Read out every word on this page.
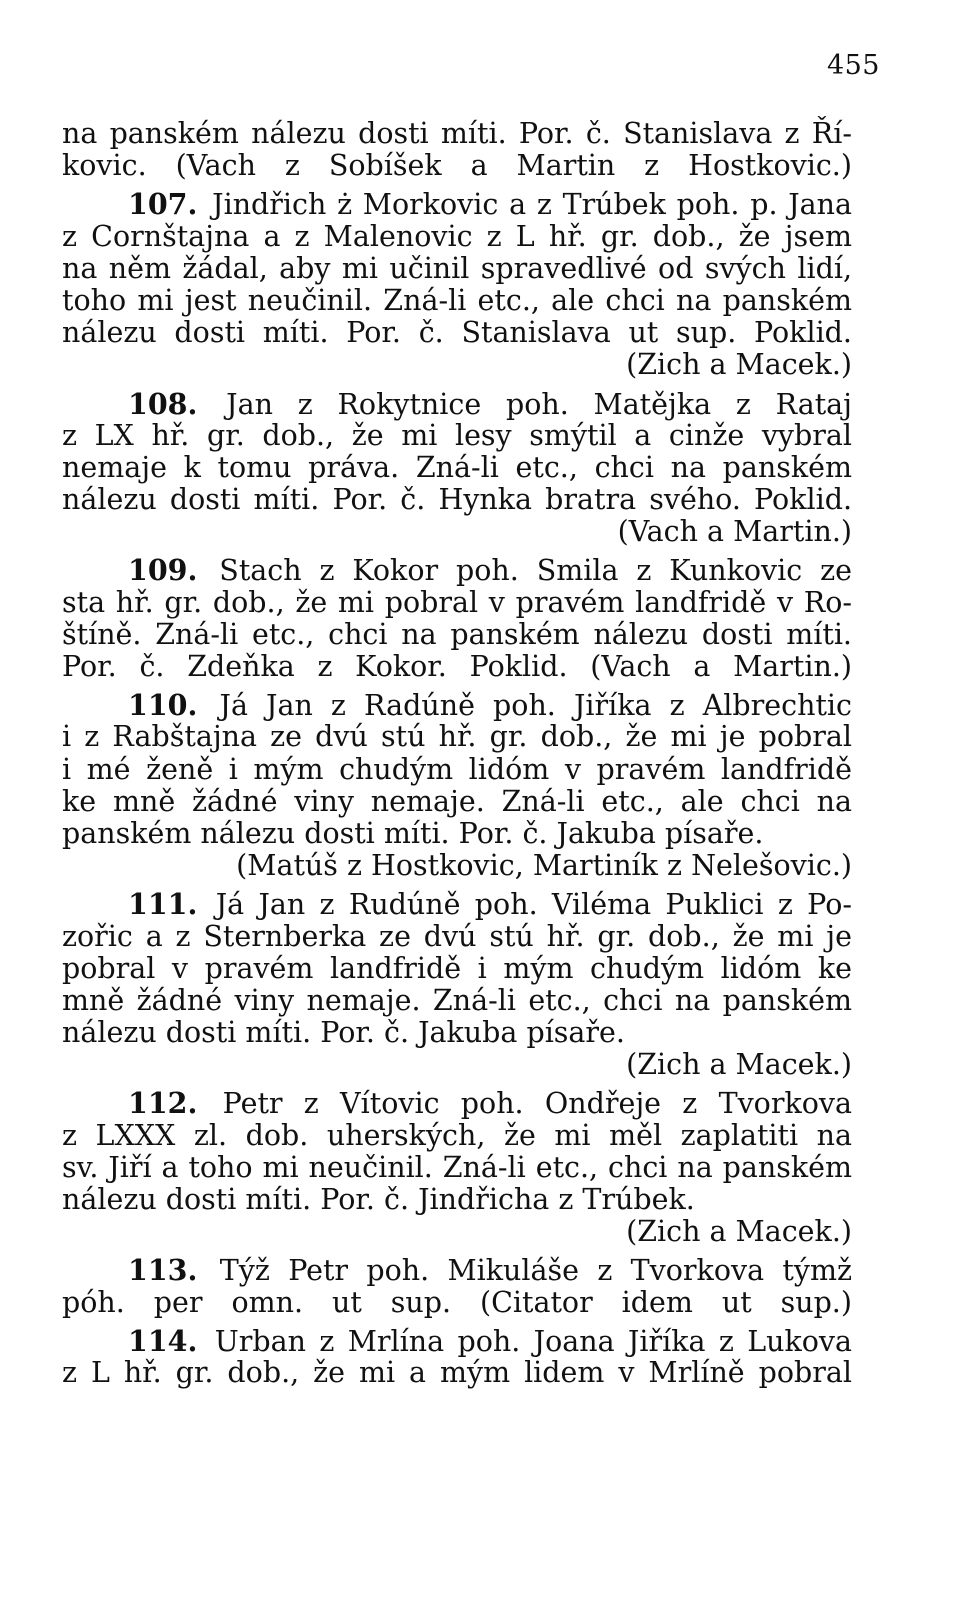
455
na panském nálezu dosti míti. Por. č. Stanislava z Ří-
kovic. (Vach z Sobíšek a Martin z Hostkovic.)
107. Jindřich ż Morkovic a z Trúbek poh. p. Jana
z Cornštajna a z Malenovic z L hř. gr. dob., že jsem
na něm žádal, aby mi učinil spravedlivé od svých lidí,
toho mi jest neučinil. Zná-li etc., ale chci na panském
nálezu dosti míti. Por. č. Stanislava ut sup. Poklid.
(Zich a Macek.)
108. Jan z Rokytnice poh. Matějka z Rataj
z LX hř. gr. dob., že mi lesy smýtil a cinže vybral
nemaje k tomu práva. Zná-li etc., chci na panském
nálezu dosti míti. Por. č. Hynka bratra svého. Poklid.
(Vach a Martin.)
109. Stach z Kokor poh. Smila z Kunkovic ze
sta hř. gr. dob., že mi pobral v pravém landfridě v Ro-
štíně. Zná-li etc., chci na panském nálezu dosti míti.
Por. č. Zdeňka z Kokor. Poklid. (Vach a Martin.)
110. Já Jan z Radúně poh. Jiříka z Albrechtic
i z Rabštajna ze dvú stú hř. gr. dob., že mi je pobral
i mé ženě i mým chudým lidóm v pravém landfridě
ke mně žádné viny nemaje. Zná-li etc., ale chci na
panském nálezu dosti míti. Por. č. Jakuba písaře.
(Matúš z Hostkovic, Martiník z Nelešovic.)
111. Já Jan z Rudúně poh. Viléma Puklici z Po-
zořic a z Sternberka ze dvú stú hř. gr. dob., že mi je
pobral v pravém landfridě i mým chudým lidóm ke
mně žádné viny nemaje. Zná-li etc., chci na panském
nálezu dosti míti. Por. č. Jakuba písaře.
(Zich a Macek.)
112. Petr z Vítovic poh. Ondřeje z Tvorkova
z LXXX zl. dob. uherských, že mi měl zaplatiti na
sv. Jiří a toho mi neučinil. Zná-li etc., chci na panském
nálezu dosti míti. Por. č. Jindřicha z Trúbek.
(Zich a Macek.)
113. Týž Petr poh. Mikuláše z Tvorkova týmž
póh. per omn. ut sup. (Citator idem ut sup.)
114. Urban z Mrlína poh. Joana Jiříka z Lukova
z L hř. gr. dob., že mi a mým lidem v Mrlíně pobral
